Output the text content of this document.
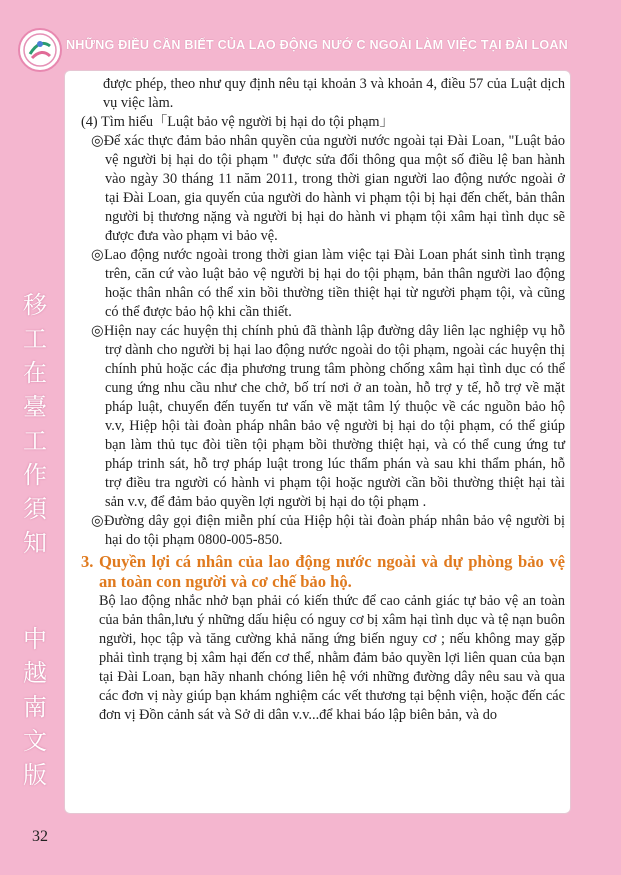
NHỮNG ĐIỀU CẦN BIẾT CỦA LAO ĐỘNG NƯỚ C NGOÀI LÀM VIỆC TẠI ĐÀI LOAN
移
工
在
臺
工
作
須
知
中
越
南
文
版

được phép, theo như quy định nêu tại khoản 3 và khoản 4, điều 57 của Luật dịch vụ việc làm.

(4) Tìm hiểu「Luật bảo vệ người bị hại do tội phạm」

◎Để xác thực đảm bảo nhân quyền của người nước ngoài tại Đài Loan, "Luật bảo vệ người bị hại do tội phạm " được sửa đổi thông qua một số điều lệ ban hành vào ngày 30 tháng 11 năm 2011, trong thời gian người lao động nước ngoài ở tại Đài Loan, gia quyến của người do hành vi phạm tội bị hại đến chết, bản thân người bị thương nặng và người bị hại do hành vi phạm tội xâm hại tình dục sẽ được đưa vào phạm vi bảo vệ.

◎Lao động nước ngoài trong thời gian làm việc tại Đài Loan phát sinh tình trạng trên, căn cứ vào luật bảo vệ người bị hại do tội phạm, bản thân người lao động hoặc thân nhân có thể xin bồi thường tiền thiệt hại từ người phạm tội, và cũng có thể được bảo hộ khi cần thiết.

◎Hiện nay các huyện thị chính phủ đã thành lập đường dây liên lạc nghiệp vụ hỗ trợ dành cho người bị hại lao động nước ngoài do tội phạm, ngoài các huyện thị chính phủ hoặc các địa phương trung tâm phòng chống xâm hại tình dục có thể cung ứng nhu cầu như che chở, bố trí nơi ở an toàn, hỗ trợ y tế, hỗ trợ về mặt pháp luật, chuyển đến tuyến tư vấn về mặt tâm lý thuộc về các nguồn bảo hộ v.v, Hiệp hội tài đoàn pháp nhân bảo vệ người bị hại do tội phạm, có thể giúp bạn làm thủ tục đòi tiền tội phạm bồi thường thiệt hại, và có thể cung ứng tư pháp trinh sát, hỗ trợ pháp luật trong lúc thẩm phán và sau khi thẩm phán, hỗ trợ điều tra người có hành vi phạm tội hoặc người cần bồi thường thiệt hại tài sản v.v, để đảm bảo quyền lợi người bị hại do tội phạm .

◎Đường dây gọi điện miễn phí của Hiệp hội tài đoàn pháp nhân bảo vệ người bị hại do tội phạm 0800-005-850.

3. Quyền lợi cá nhân của lao động nước ngoài và dự phòng bảo vệ an toàn con người và cơ chế bảo hộ.

Bộ lao động nhắc nhở bạn phải có kiến thức để cao cảnh giác tự bảo vệ an toàn của bản thân,lưu ý những dấu hiệu có nguy cơ bị xâm hại tình dục và tệ nạn buôn người, học tập và tăng cường khả năng ứng biến nguy cơ ; nếu không may gặp phải tình trạng bị xâm hại đến cơ thể, nhằm đảm bảo quyền lợi liên quan của bạn tại Đài Loan, bạn hãy nhanh chóng liên hệ với những đường dây nêu sau và qua các đơn vị này giúp bạn khám nghiệm các vết thương tại bệnh viện, hoặc đến các đơn vị Đồn cảnh sát và Sở di dân v.v...để khai báo lập biên bản, và do

32
